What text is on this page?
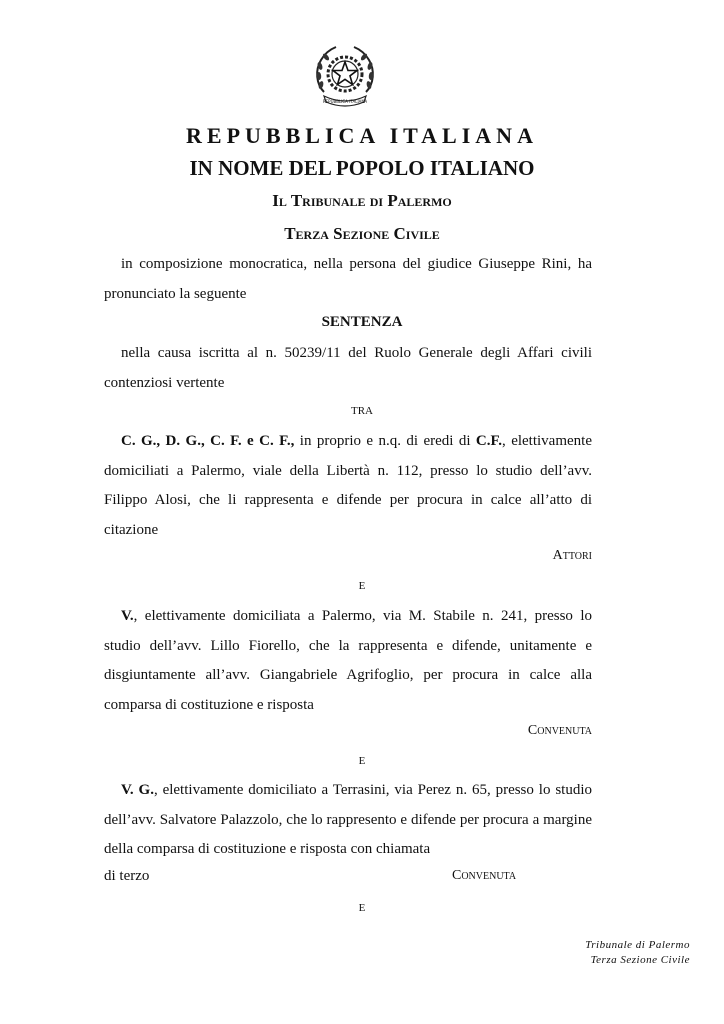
REPUBBLICA ITALIANA
REPUBBLICA ITALIANA
IN NOME DEL POPOLO ITALIANO
Il Tribunale di Palermo
Terza Sezione Civile

in composizione monocratica, nella persona del giudice Giuseppe Rini, ha pronunciato la seguente

SENTENZA

nella causa iscritta al n. 50239/11 del Ruolo Generale degli Affari civili contenziosi vertente

TRA

C. G., D. G., C. F. e C. F., in proprio e n.q. di eredi di C.F., elettivamente domiciliati a Palermo, viale della Libertà n. 112, presso lo studio dell’avv. Filippo Alosi, che li rappresenta e difende per procura in calce all’atto di citazione

Attori
E

V., elettivamente domiciliata a Palermo, via M. Stabile n. 241, presso lo studio dell’avv. Lillo Fiorello, che la rappresenta e difende, unitamente e disgiuntamente all’avv. Giangabriele Agrifoglio, per procura in calce alla comparsa di costituzione e risposta

Convenuta
E

V. G., elettivamente domiciliato a Terrasini, via Perez n. 65, presso lo studio dell’avv. Salvatore Palazzolo, che lo rappresento e difende per procura a margine della comparsa di costituzione e risposta con chiamata

di terzo	Convenuta
E
Tribunale di Palermo
Terza Sezione Civile
